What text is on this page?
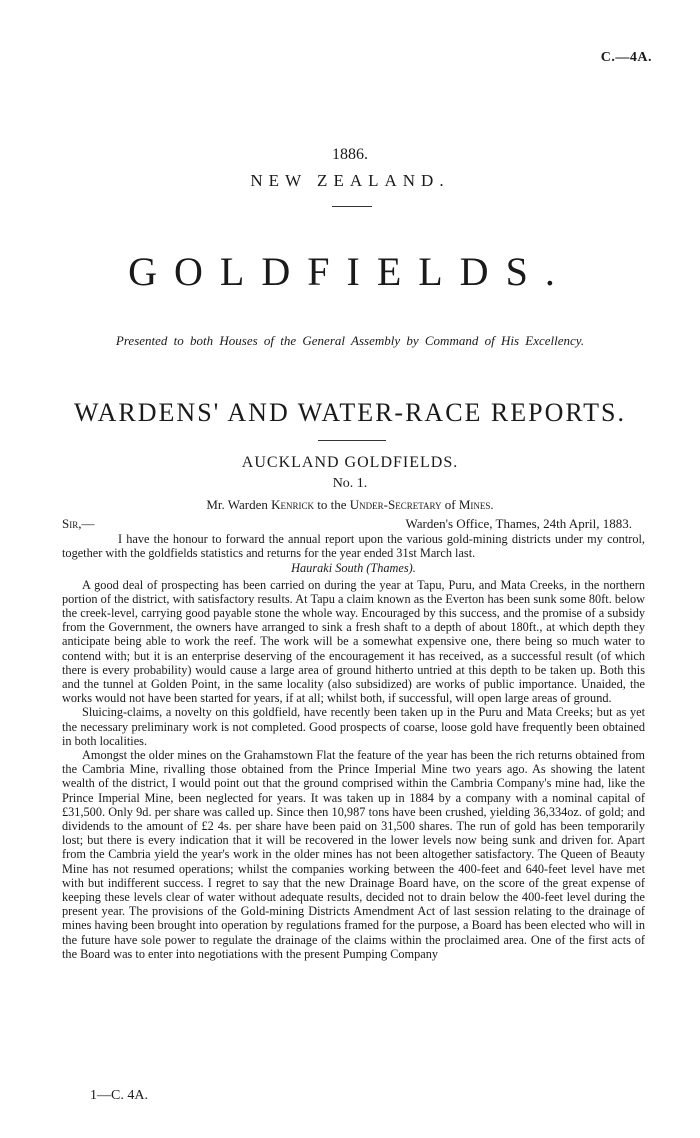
C.—4A.
1886.
NEW ZEALAND.
GOLDFIELDS.
Presented to both Houses of the General Assembly by Command of His Excellency.
WARDENS' AND WATER-RACE REPORTS.
AUCKLAND GOLDFIELDS.
No. 1.
Mr. Warden Kenrick to the Under-Secretary of Mines.
Sir,—	Warden's Office, Thames, 24th April, 1883.

I have the honour to forward the annual report upon the various gold-mining districts under my control, together with the goldfields statistics and returns for the year ended 31st March last.

Hauraki South (Thames).

A good deal of prospecting has been carried on during the year at Tapu, Puru, and Mata Creeks, in the northern portion of the district, with satisfactory results. At Tapu a claim known as the Everton has been sunk some 80ft. below the creek-level, carrying good payable stone the whole way. Encouraged by this success, and the promise of a subsidy from the Government, the owners have arranged to sink a fresh shaft to a depth of about 180ft., at which depth they anticipate being able to work the reef. The work will be a somewhat expensive one, there being so much water to contend with; but it is an enterprise deserving of the encouragement it has received, as a successful result (of which there is every probability) would cause a large area of ground hitherto untried at this depth to be taken up. Both this and the tunnel at Golden Point, in the same locality (also subsidized) are works of public importance. Unaided, the works would not have been started for years, if at all; whilst both, if successful, will open large areas of ground.

Sluicing-claims, a novelty on this goldfield, have recently been taken up in the Puru and Mata Creeks; but as yet the necessary preliminary work is not completed. Good prospects of coarse, loose gold have frequently been obtained in both localities.

Amongst the older mines on the Grahamstown Flat the feature of the year has been the rich returns obtained from the Cambria Mine, rivalling those obtained from the Prince Imperial Mine two years ago. As showing the latent wealth of the district, I would point out that the ground comprised within the Cambria Company's mine had, like the Prince Imperial Mine, been neglected for years. It was taken up in 1884 by a company with a nominal capital of £31,500. Only 9d. per share was called up. Since then 10,987 tons have been crushed, yielding 36,334oz. of gold; and dividends to the amount of £2 4s. per share have been paid on 31,500 shares. The run of gold has been temporarily lost; but there is every indication that it will be recovered in the lower levels now being sunk and driven for. Apart from the Cambria yield the year's work in the older mines has not been altogether satisfactory. The Queen of Beauty Mine has not resumed operations; whilst the companies working between the 400-feet and 640-feet level have met with but indifferent success. I regret to say that the new Drainage Board have, on the score of the great expense of keeping these levels clear of water without adequate results, decided not to drain below the 400-feet level during the present year. The provisions of the Gold-mining Districts Amendment Act of last session relating to the drainage of mines having been brought into operation by regulations framed for the purpose, a Board has been elected who will in the future have sole power to regulate the drainage of the claims within the proclaimed area. One of the first acts of the Board was to enter into negotiations with the present Pumping Company

1—C. 4A.
